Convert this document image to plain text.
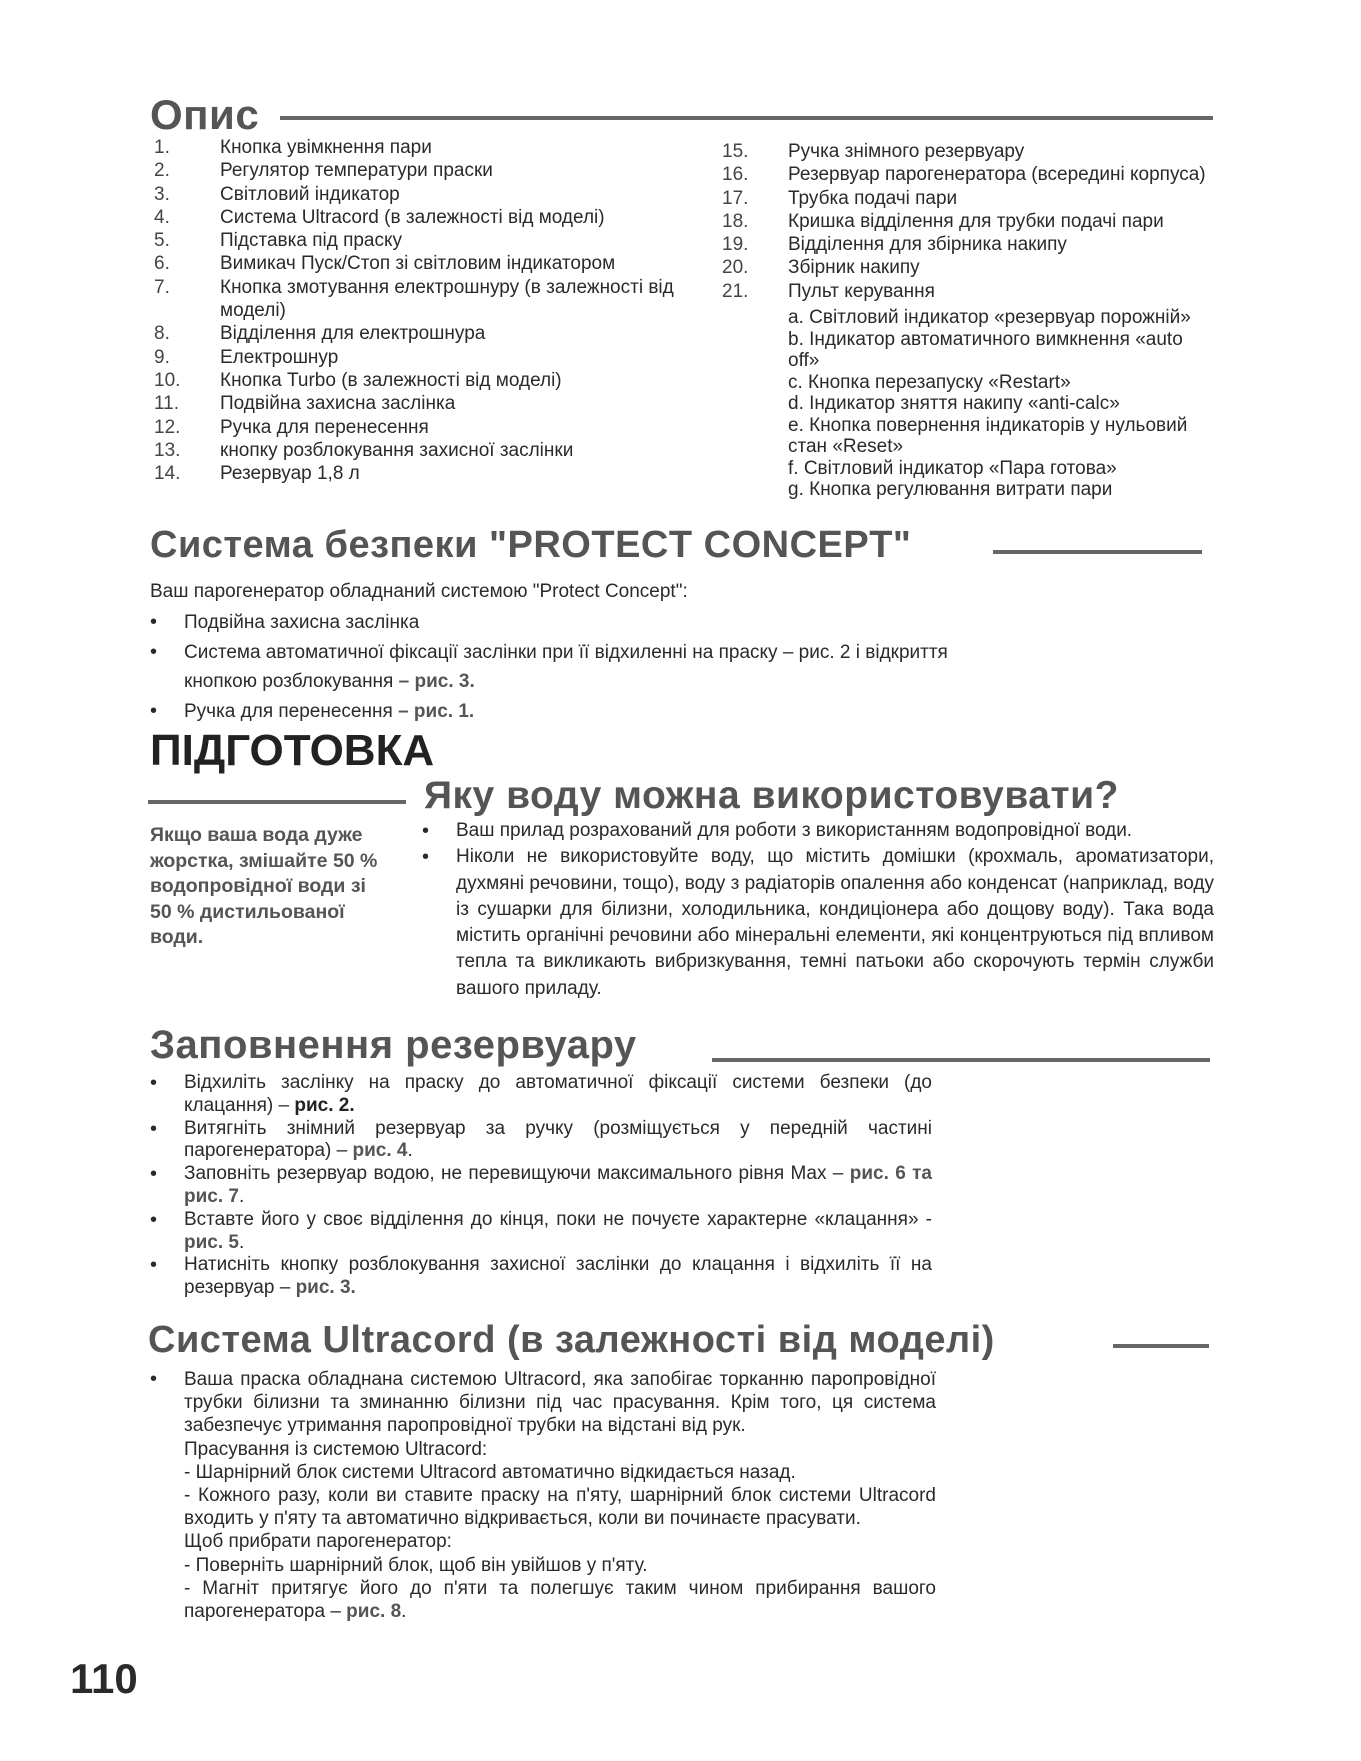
Опис
1.	Кнопка увімкнення пари
2.	Регулятор температури праски
3.	Світловий індикатор
4.	Система Ultracord (в залежності від моделі)
5.	Підставка під праску
6.	Вимикач Пуск/Стоп зі світловим індикатором
7.	Кнопка змотування електрошнуру (в залежності від моделі)
8.	Відділення для електрошнура
9.	Електрошнур
10.	Кнопка Turbo (в залежності від моделі)
11.	Подвійна захисна заслінка
12.	Ручка для перенесення
13.	кнопку розблокування захисної заслінки
14.	Резервуар 1,8 л
15.	Ручка знімного резервуару
16.	Резервуар парогенератора (всередині корпуса)
17.	Трубка подачі пари
18.	Кришка відділення для трубки подачі пари
19.	Відділення для збірника накипу
20.	Збірник накипу
21.	Пульт керування
a. Світловий індикатор «резервуар порожній»
b. Індикатор автоматичного вимкнення «auto off»
c. Кнопка перезапуску «Restart»
d. Індикатор зняття накипу «anti-calc»
e. Кнопка повернення індикаторів у нульовий стан «Reset»
f. Світловий індикатор «Пара готова»
g. Кнопка регулювання витрати пари
Система безпеки "PROTECT CONCEPT"
Ваш парогенератор обладнаний системою "Protect Concept":
• Подвійна захисна заслінка
• Система автоматичної фіксації заслінки при її відхиленні на праску – рис. 2 і відкриття кнопкою розблокування – рис. 3.
• Ручка для перенесення – рис. 1.
ПІДГОТОВКА
Яку воду можна використовувати?
Якщо ваша вода дуже жорстка, змішайте 50 % водопровідної води зі 50 % дистильованої води.
• Ваш прилад розрахований для роботи з використанням водопровідної води.
• Ніколи не використовуйте воду, що містить домішки (крохмаль, ароматизатори, духмяні речовини, тощо), воду з радіаторів опалення або конденсат (наприклад, воду із сушарки для білизни, холодильника, кондиціонера або дощову воду). Така вода містить органічні речовини або мінеральні елементи, які концентруються під впливом тепла та викликають вибризкування, темні патьоки або скорочують термін служби вашого приладу.
Заповнення резервуару
• Відхиліть заслінку на праску до автоматичної фіксації системи безпеки (до клацання) – рис. 2.
• Витягніть знімний резервуар за ручку (розміщується у передній частині парогенератора) – рис. 4.
• Заповніть резервуар водою, не перевищуючи максимального рівня Max – рис. 6 та рис. 7.
• Вставте його у своє відділення до кінця, поки не почуєте характерне «клацання» - рис. 5.
• Натисніть кнопку розблокування захисної заслінки до клацання і відхиліть її на резервуар – рис. 3.
Система Ultracord (в залежності від моделі)
• Ваша праска обладнана системою Ultracord, яка запобігає торканню паропровідної трубки білизни та зминанню білизни під час прасування. Крім того, ця система забезпечує утримання паропровідної трубки на відстані від рук.

Прасування із системою Ultracord:

- Шарнірний блок системи Ultracord автоматично відкидається назад.

- Кожного разу, коли ви ставите праску на п'яту, шарнірний блок системи Ultracord входить у п'яту та автоматично відкривається, коли ви починаєте прасувати.

Щоб прибрати парогенератор:

- Поверніть шарнірний блок, щоб він увійшов у п'яту.

- Магніт притягує його до п'яти та полегшує таким чином прибирання вашого парогенератора – рис. 8.

110
